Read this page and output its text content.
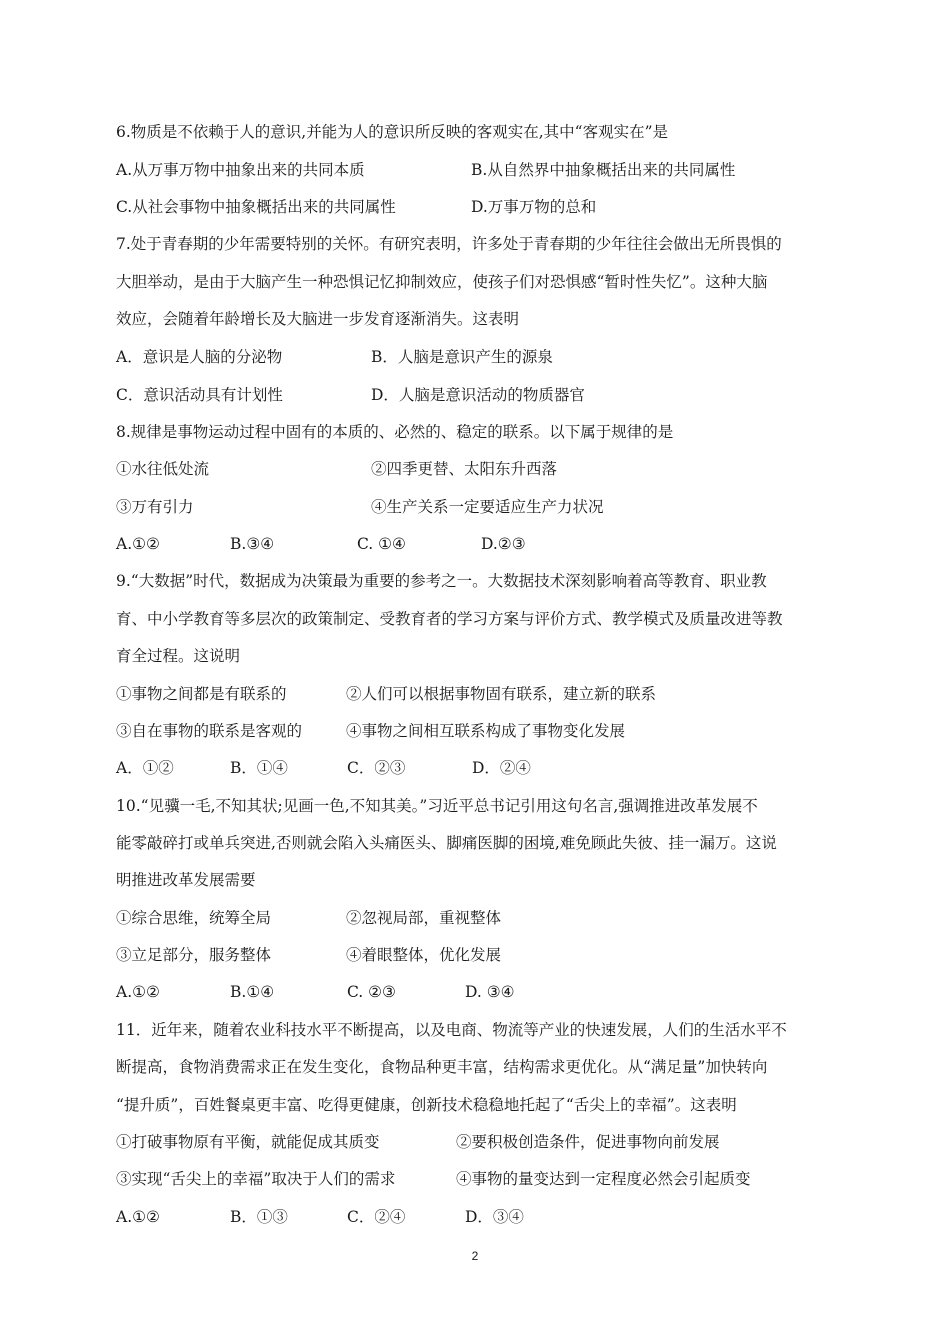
6.物质是不依赖于人的意识,并能为人的意识所反映的客观实在,其中“客观实在”是
A.从万事万物中抽象出来的共同本质	B.从自然界中抽象概括出来的共同属性
C.从社会事物中抽象概括出来的共同属性	D.万事万物的总和
7.处于青春期的少年需要特别的关怀。有研究表明，许多处于青春期的少年往往会做出无所畏惧的
大胆举动，是由于大脑产生一种恐惧记忆抑制效应，使孩子们对恐惧感“暂时性失忆”。这种大脑
效应，会随着年龄增长及大脑进一步发育逐渐消失。这表明
A．意识是人脑的分泌物	B．人脑是意识产生的源泉
C．意识活动具有计划性	D．人脑是意识活动的物质器官
8.规律是事物运动过程中固有的本质的、必然的、稳定的联系。以下属于规律的是
①水往低处流	②四季更替、太阳东升西落
③万有引力	④生产关系一定要适应生产力状况
A.①②	B.③④	C. ①④	D.②③
9.“大数据”时代，数据成为决策最为重要的参考之一。大数据技术深刻影响着高等教育、职业教
育、中小学教育等多层次的政策制定、受教育者的学习方案与评价方式、教学模式及质量改进等教
育全过程。这说明
①事物之间都是有联系的	②人们可以根据事物固有联系，建立新的联系
③自在事物的联系是客观的	④事物之间相互联系构成了事物变化发展
A．①②	B．①④	C．②③	D．②④
10.“见骥一毛,不知其状;见画一色,不知其美。”习近平总书记引用这句名言,强调推进改革发展不
能零敲碎打或单兵突进,否则就会陷入头痛医头、脚痛医脚的困境,难免顾此失彼、挂一漏万。这说
明推进改革发展需要
①综合思维，统筹全局	②忽视局部，重视整体
③立足部分，服务整体	④着眼整体，优化发展
A.①②	B.①④	C. ②③	D. ③④
11．近年来，随着农业科技水平不断提高，以及电商、物流等产业的快速发展，人们的生活水平不
断提高，食物消费需求正在发生变化，食物品种更丰富，结构需求更优化。从“满足量”加快转向
“提升质”，百姓餐桌更丰富、吃得更健康，创新技术稳稳地托起了“舌尖上的幸福”。这表明
①打破事物原有平衡，就能促成其质变	②要积极创造条件，促进事物向前发展
③实现“舌尖上的幸福”取决于人们的需求	④事物的量变达到一定程度必然会引起质变
A.①②	B．①③	C．②④	D．③④
2
